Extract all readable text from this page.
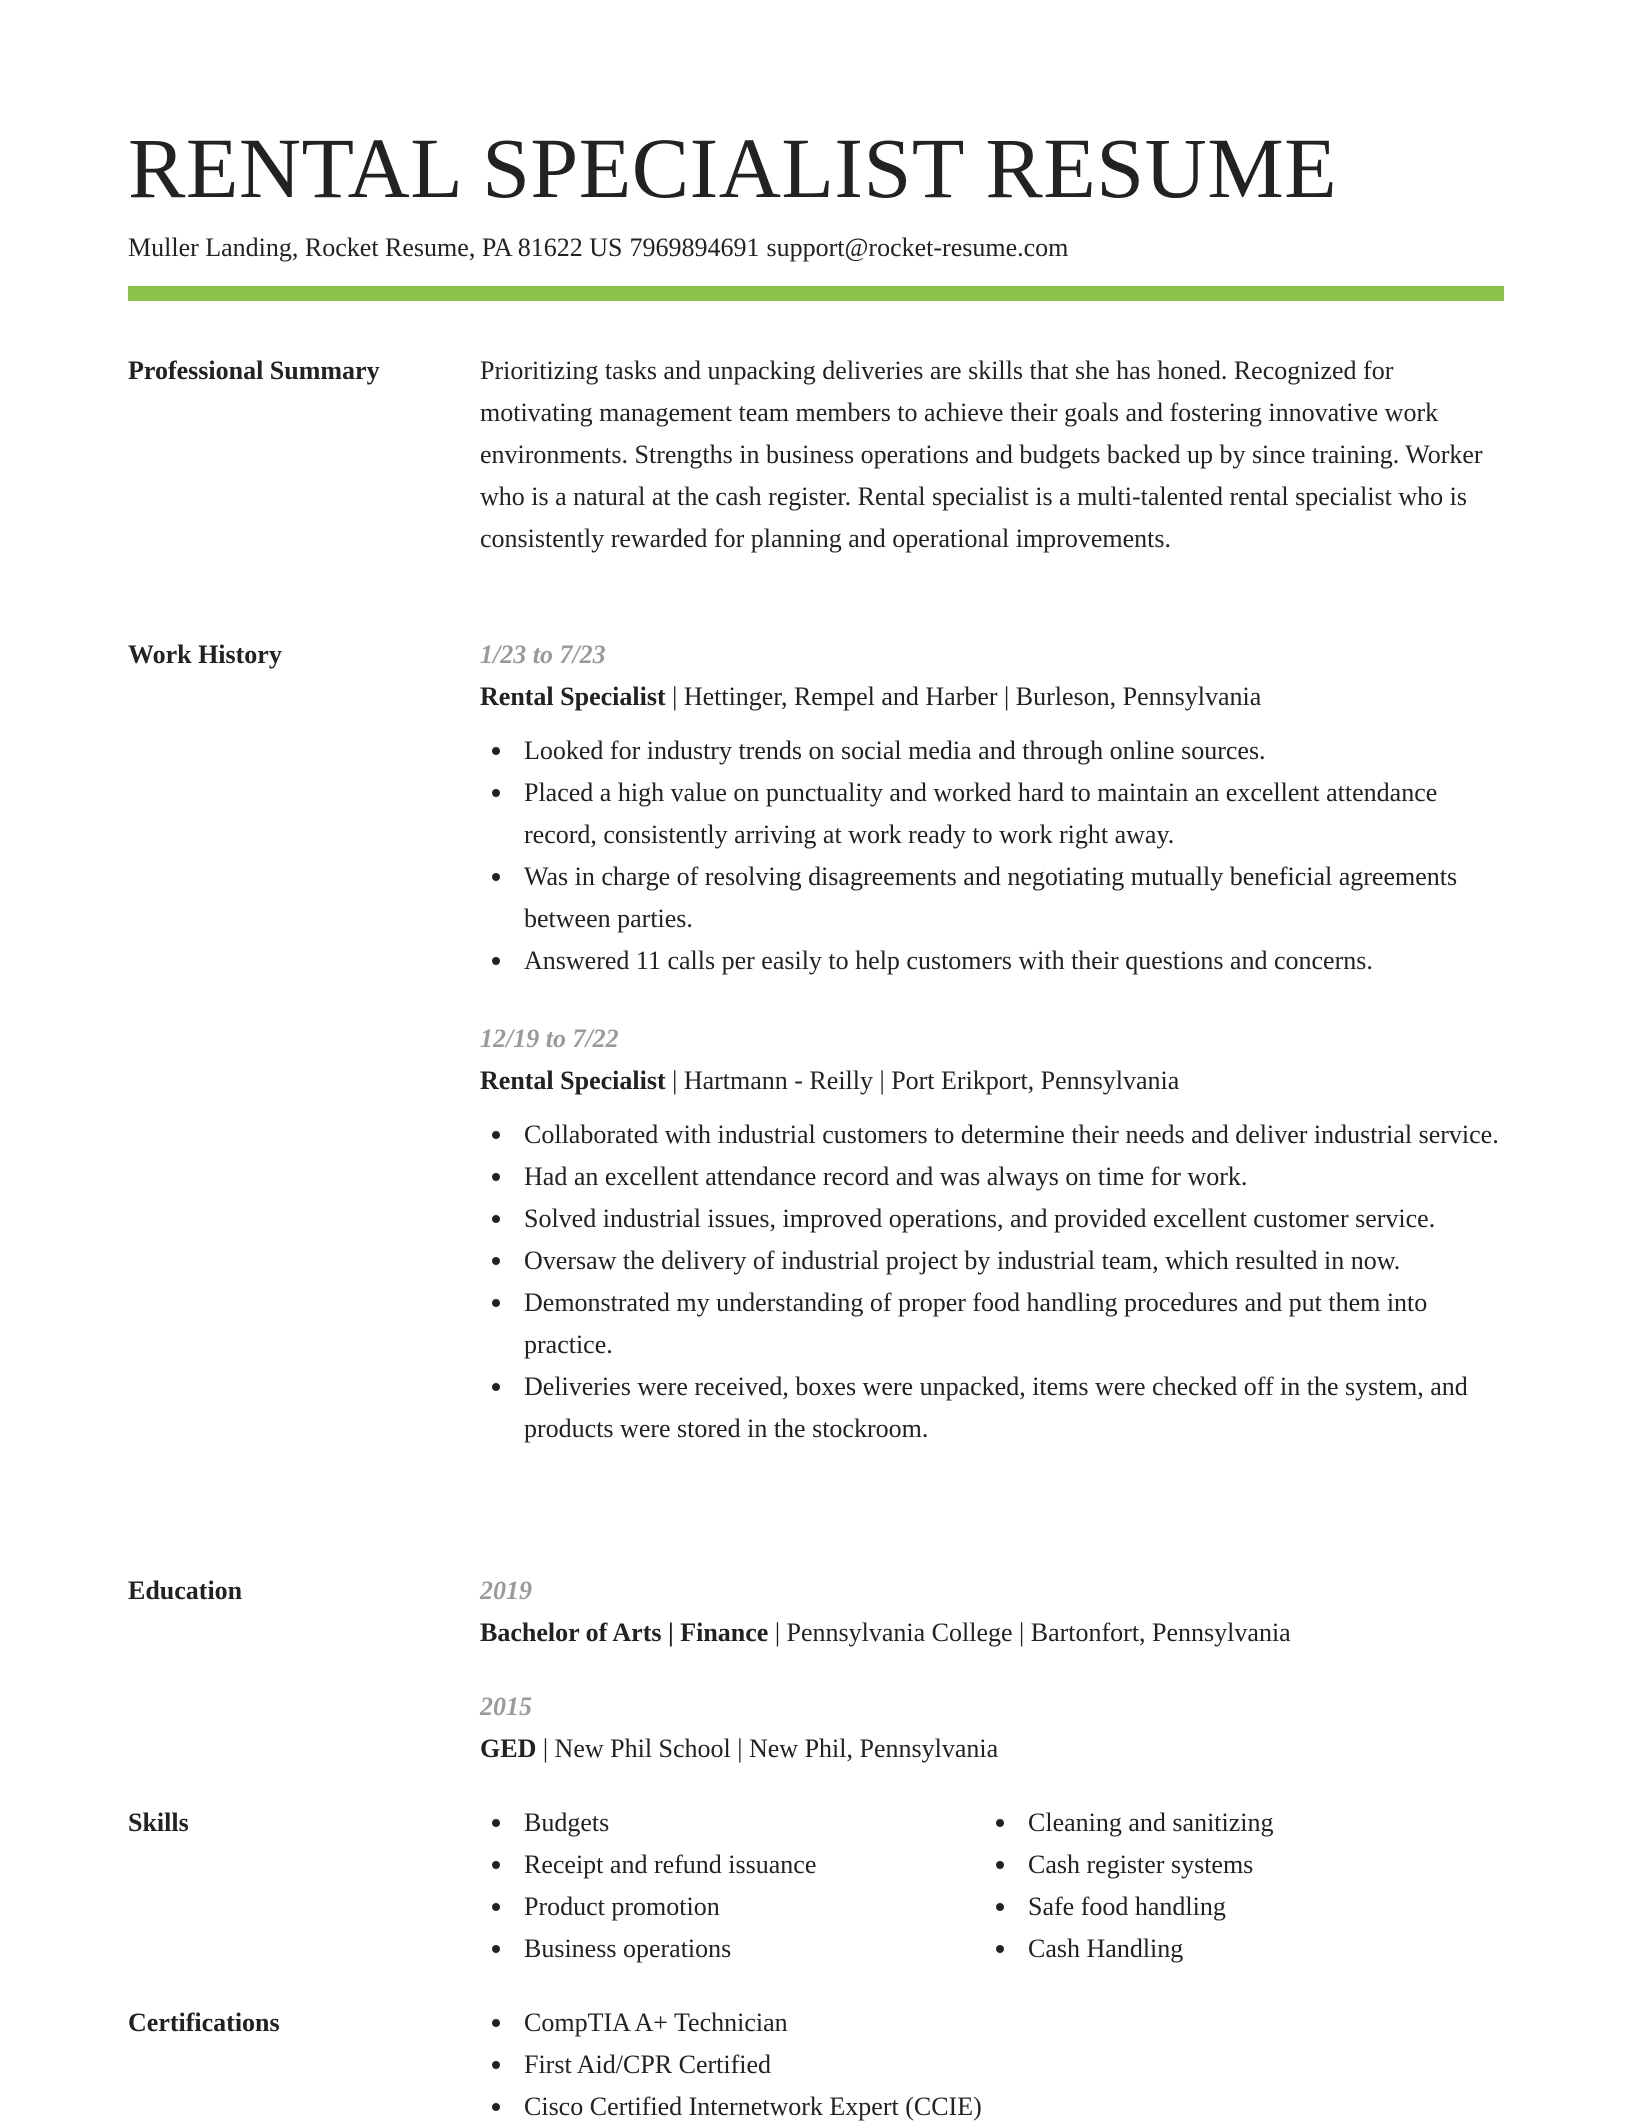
RENTAL SPECIALIST RESUME
Muller Landing, Rocket Resume, PA 81622 US 7969894691 support@rocket-resume.com
Professional Summary	Prioritizing tasks and unpacking deliveries are skills that she has honed. Recognized for motivating management team members to achieve their goals and fostering innovative work environments. Strengths in business operations and budgets backed up by since training. Worker who is a natural at the cash register. Rental specialist is a multi-talented rental specialist who is consistently rewarded for planning and operational improvements.

Work History	1/23 to 7/23
Rental Specialist | Hettinger, Rempel and Harber | Burleson, Pennsylvania
Looked for industry trends on social media and through online sources.
Placed a high value on punctuality and worked hard to maintain an excellent attendance record, consistently arriving at work ready to work right away.
Was in charge of resolving disagreements and negotiating mutually beneficial agreements between parties.
Answered 11 calls per easily to help customers with their questions and concerns.
12/19 to 7/22
Rental Specialist | Hartmann - Reilly | Port Erikport, Pennsylvania
Collaborated with industrial customers to determine their needs and deliver industrial service.
Had an excellent attendance record and was always on time for work.
Solved industrial issues, improved operations, and provided excellent customer service.
Oversaw the delivery of industrial project by industrial team, which resulted in now.
Demonstrated my understanding of proper food handling procedures and put them into practice.
Deliveries were received, boxes were unpacked, items were checked off in the system, and products were stored in the stockroom.
Education	2019
Bachelor of Arts | Finance | Pennsylvania College | Bartonfort, Pennsylvania
2015
GED | New Phil School | New Phil, Pennsylvania
Skills	Budgets
Receipt and refund issuance
Product promotion
Business operations
Cleaning and sanitizing
Cash register systems
Safe food handling
Cash Handling
Certifications	CompTIA A+ Technician
First Aid/CPR Certified
Cisco Certified Internetwork Expert (CCIE)
